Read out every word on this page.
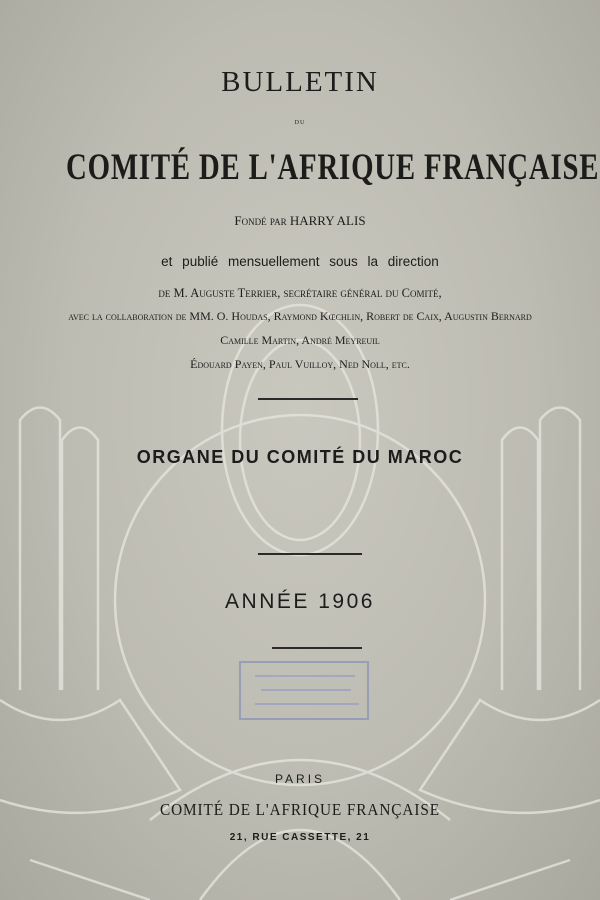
BULLETIN
du
COMITÉ DE L'AFRIQUE FRANÇAISE
Fondé par HARRY ALIS
et publié mensuellement sous la direction
de M. Auguste Terrier, secrétaire général du Comité,
avec la collaboration de MM. O. Houdas, Raymond Kœchlin, Robert de Caix, Augustin Bernard
Camille Martin, André Meyreuil
Édouard Payen, Paul Vuilloy, Ned Noll, etc.
ORGANE DU COMITÉ DU MAROC
ANNÉE 1906
PARIS
COMITÉ DE L'AFRIQUE FRANÇAISE
21, RUE CASSETTE, 21
